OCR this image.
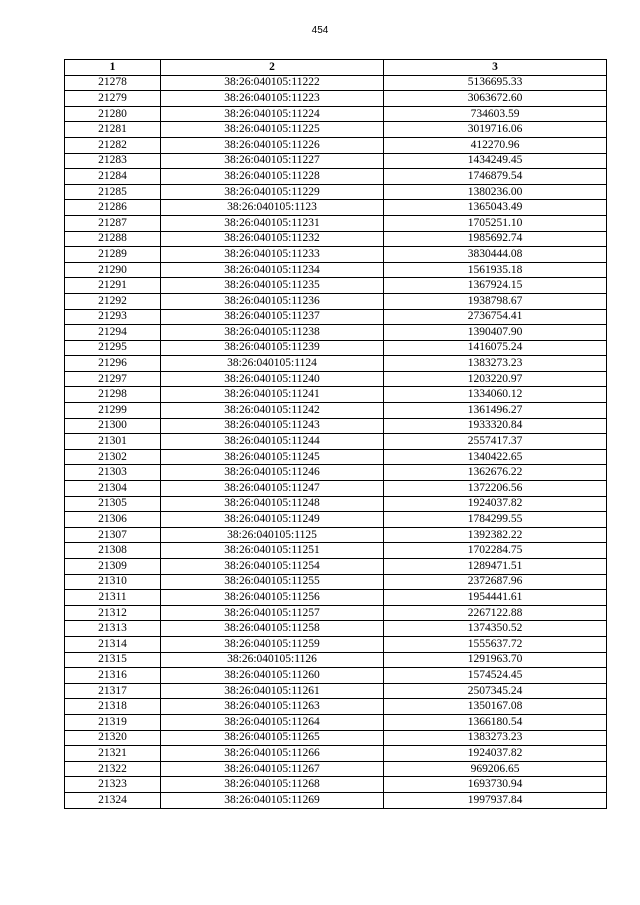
454
1	2	3
21278	38:26:040105:11222	5136695.33
21279	38:26:040105:11223	3063672.60
21280	38:26:040105:11224	734603.59
21281	38:26:040105:11225	3019716.06
21282	38:26:040105:11226	412270.96
21283	38:26:040105:11227	1434249.45
21284	38:26:040105:11228	1746879.54
21285	38:26:040105:11229	1380236.00
21286	38:26:040105:1123	1365043.49
21287	38:26:040105:11231	1705251.10
21288	38:26:040105:11232	1985692.74
21289	38:26:040105:11233	3830444.08
21290	38:26:040105:11234	1561935.18
21291	38:26:040105:11235	1367924.15
21292	38:26:040105:11236	1938798.67
21293	38:26:040105:11237	2736754.41
21294	38:26:040105:11238	1390407.90
21295	38:26:040105:11239	1416075.24
21296	38:26:040105:1124	1383273.23
21297	38:26:040105:11240	1203220.97
21298	38:26:040105:11241	1334060.12
21299	38:26:040105:11242	1361496.27
21300	38:26:040105:11243	1933320.84
21301	38:26:040105:11244	2557417.37
21302	38:26:040105:11245	1340422.65
21303	38:26:040105:11246	1362676.22
21304	38:26:040105:11247	1372206.56
21305	38:26:040105:11248	1924037.82
21306	38:26:040105:11249	1784299.55
21307	38:26:040105:1125	1392382.22
21308	38:26:040105:11251	1702284.75
21309	38:26:040105:11254	1289471.51
21310	38:26:040105:11255	2372687.96
21311	38:26:040105:11256	1954441.61
21312	38:26:040105:11257	2267122.88
21313	38:26:040105:11258	1374350.52
21314	38:26:040105:11259	1555637.72
21315	38:26:040105:1126	1291963.70
21316	38:26:040105:11260	1574524.45
21317	38:26:040105:11261	2507345.24
21318	38:26:040105:11263	1350167.08
21319	38:26:040105:11264	1366180.54
21320	38:26:040105:11265	1383273.23
21321	38:26:040105:11266	1924037.82
21322	38:26:040105:11267	969206.65
21323	38:26:040105:11268	1693730.94
21324	38:26:040105:11269	1997937.84
